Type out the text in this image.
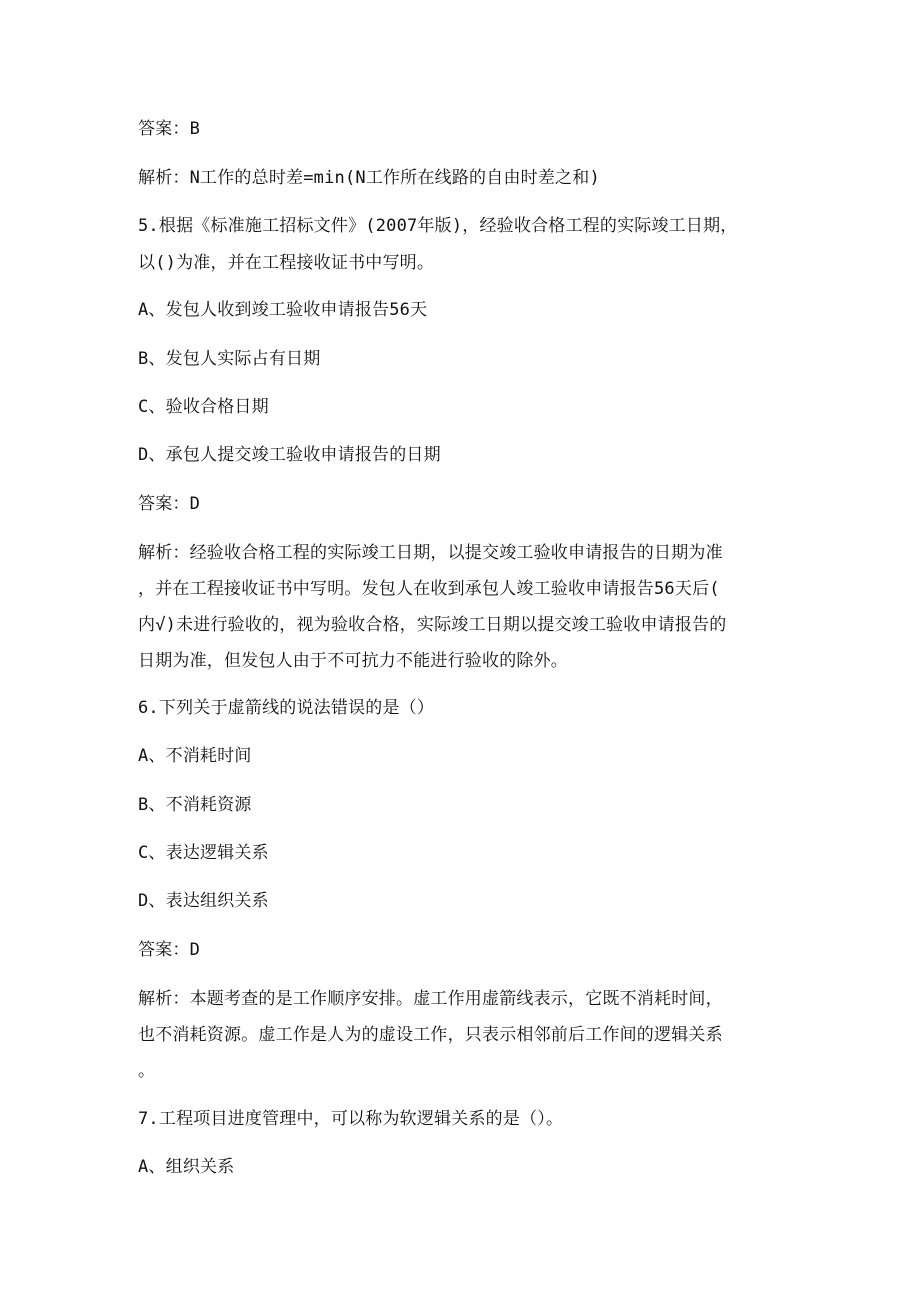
答案：B
解析：N工作的总时差=min(N工作所在线路的自由时差之和)
5.根据《标准施工招标文件》(2007年版)，经验收合格工程的实际竣工日期，
以()为准，并在工程接收证书中写明。
A、发包人收到竣工验收申请报告56天
B、发包人实际占有日期
C、验收合格日期
D、承包人提交竣工验收申请报告的日期
答案：D
解析：经验收合格工程的实际竣工日期，以提交竣工验收申请报告的日期为准
，并在工程接收证书中写明。发包人在收到承包人竣工验收申请报告56天后(
内√)未进行验收的，视为验收合格，实际竣工日期以提交竣工验收申请报告的
日期为准，但发包人由于不可抗力不能进行验收的除外。
6.下列关于虚箭线的说法错误的是（）
A、不消耗时间
B、不消耗资源
C、表达逻辑关系
D、表达组织关系
答案：D
解析：本题考查的是工作顺序安排。虚工作用虚箭线表示，它既不消耗时间，
也不消耗资源。虚工作是人为的虚设工作，只表示相邻前后工作间的逻辑关系
。
7.工程项目进度管理中，可以称为软逻辑关系的是（）。
A、组织关系
